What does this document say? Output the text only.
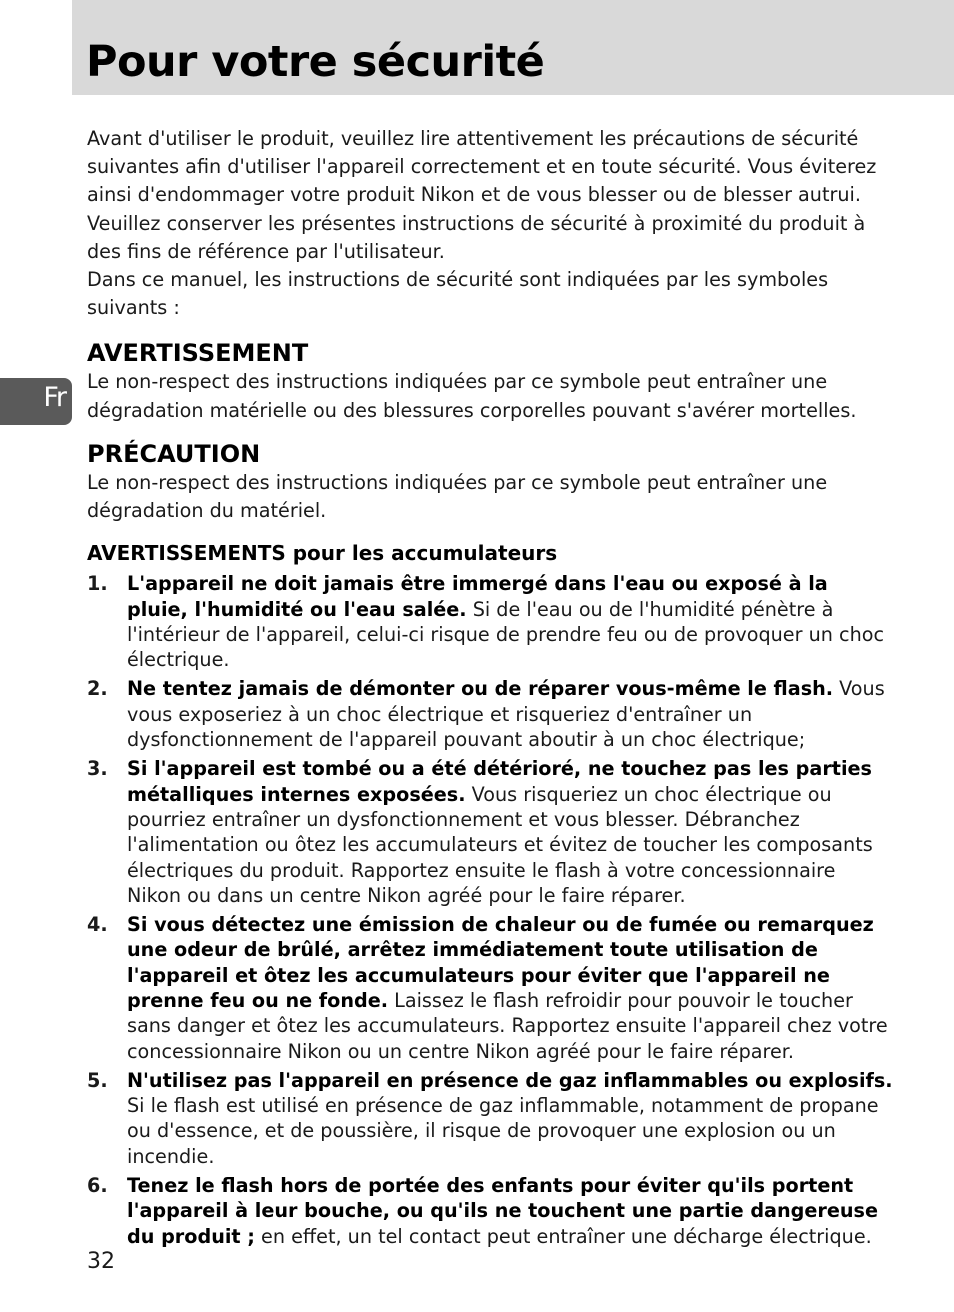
Pour votre sécurité
Fr

Avant d'utiliser le produit, veuillez lire attentivement les précautions de sécurité suivantes afin d'utiliser l'appareil correctement et en toute sécurité. Vous éviterez ainsi d'endommager votre produit Nikon et de vous blesser ou de blesser autrui. Veuillez conserver les présentes instructions de sécurité à proximité du produit à des fins de référence par l'utilisateur.

Dans ce manuel, les instructions de sécurité sont indiquées par les symboles suivants :

AVERTISSEMENT

Le non-respect des instructions indiquées par ce symbole peut entraîner une dégradation matérielle ou des blessures corporelles pouvant s'avérer mortelles.

PRÉCAUTION

Le non-respect des instructions indiquées par ce symbole peut entraîner une dégradation du matériel.

AVERTISSEMENTS pour les accumulateurs
1. L'appareil ne doit jamais être immergé dans l'eau ou exposé à la pluie, l'humidité ou l'eau salée. Si de l'eau ou de l'humidité pénètre à l'intérieur de l'appareil, celui-ci risque de prendre feu ou de provoquer un choc électrique.
2. Ne tentez jamais de démonter ou de réparer vous-même le flash. Vous vous exposeriez à un choc électrique et risqueriez d'entraîner un dysfonctionnement de l'appareil pouvant aboutir à un choc électrique;
3. Si l'appareil est tombé ou a été détérioré, ne touchez pas les parties métalliques internes exposées. Vous risqueriez un choc électrique ou pourriez entraîner un dysfonctionnement et vous blesser. Débranchez l'alimentation ou ôtez les accumulateurs et évitez de toucher les composants électriques du produit. Rapportez ensuite le flash à votre concessionnaire Nikon ou dans un centre Nikon agréé pour le faire réparer.
4. Si vous détectez une émission de chaleur ou de fumée ou remarquez une odeur de brûlé, arrêtez immédiatement toute utilisation de l'appareil et ôtez les accumulateurs pour éviter que l'appareil ne prenne feu ou ne fonde. Laissez le flash refroidir pour pouvoir le toucher sans danger et ôtez les accumulateurs. Rapportez ensuite l'appareil chez votre concessionnaire Nikon ou un centre Nikon agréé pour le faire réparer.
5. N'utilisez pas l'appareil en présence de gaz inflammables ou explosifs. Si le flash est utilisé en présence de gaz inflammable, notamment de propane ou d'essence, et de poussière, il risque de provoquer une explosion ou un incendie.
6. Tenez le flash hors de portée des enfants pour éviter qu'ils portent l'appareil à leur bouche, ou qu'ils ne touchent une partie dangereuse du produit ; en effet, un tel contact peut entraîner une décharge électrique.
32
